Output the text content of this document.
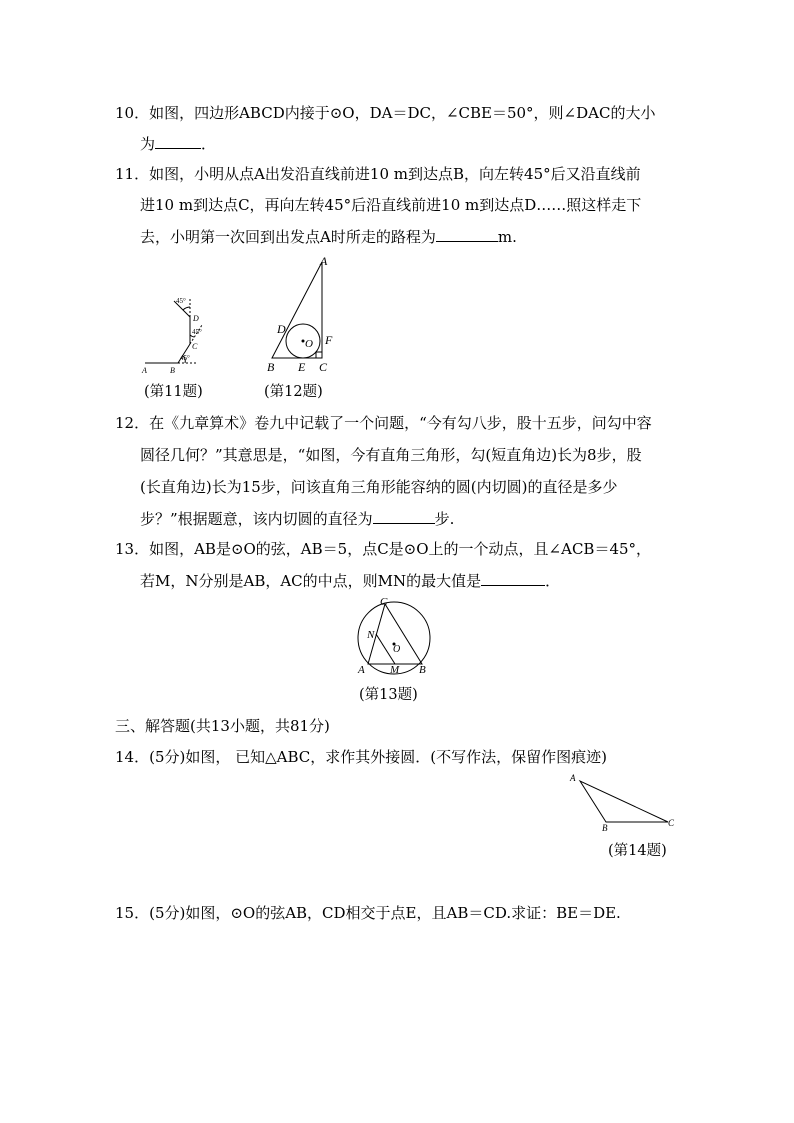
10．如图，四边形ABCD内接于⊙O，DA＝DC，∠CBE＝50°，则∠DAC的大小
为	．
11．如图，小明从点A出发沿直线前进10 m到达点B，向左转45°后又沿直线前
进10 m到达点C，再向左转45°后沿直线前进10 m到达点D……照这样走下
去，小明第一次回到出发点A时所走的路程为	m.
A	B
C
D
45°
45°
45°
(第11题)
A
D
O F
B E C
(第12题)
12．在《九章算术》卷九中记载了一个问题，“今有勾八步，股十五步，问勾中容
圆径几何？”其意思是，“如图，今有直角三角形，勾(短直角边)长为8步，股
(长直角边)长为15步，问该直角三角形能容纳的圆(内切圆)的直径是多少
步？”根据题意，该内切圆的直径为	步.
13．如图，AB是⊙O的弦，AB＝5，点C是⊙O上的一个动点，且∠ACB＝45°，
若M，N分别是AB，AC的中点，则MN的最大值是	．
C
N
O
A M B
(第13题)
三、解答题(共13小题，共81分)
14．(5分)如图， 已知△ABC，求作其外接圆．(不写作法，保留作图痕迹)
A
B	C
(第14题)
15．(5分)如图，⊙O的弦AB，CD相交于点E，且AB＝CD.求证：BE＝DE.
